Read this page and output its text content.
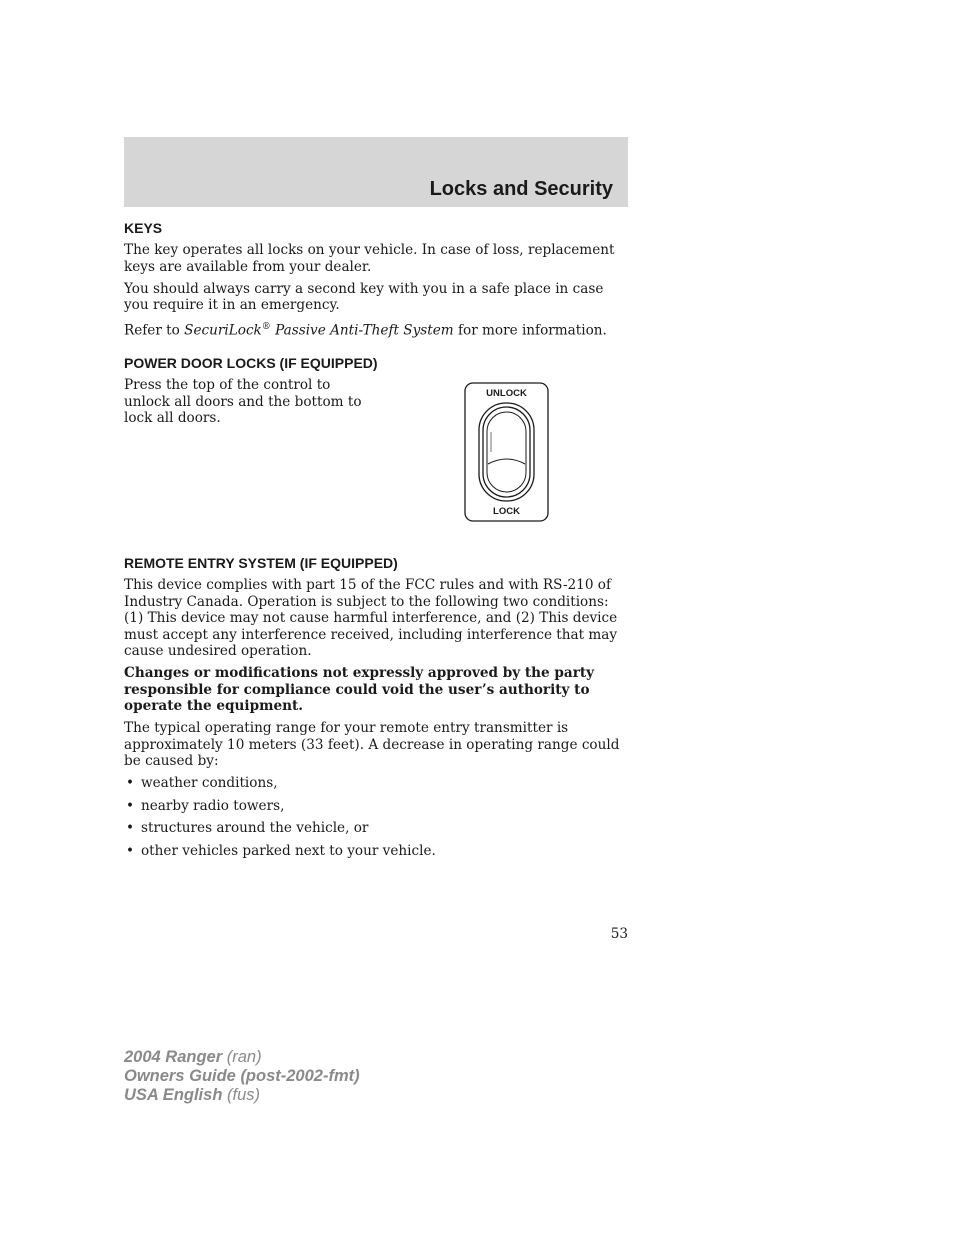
Locks and Security
KEYS

The key operates all locks on your vehicle. In case of loss, replacement keys are available from your dealer.

You should always carry a second key with you in a safe place in case you require it in an emergency.

Refer to SecuriLock® Passive Anti-Theft System for more information.

POWER DOOR LOCKS (IF EQUIPPED)

Press the top of the control to unlock all doors and the bottom to lock all doors.

UNLOCK
LOCK
REMOTE ENTRY SYSTEM (IF EQUIPPED)

This device complies with part 15 of the FCC rules and with RS-210 of Industry Canada. Operation is subject to the following two conditions: (1) This device may not cause harmful interference, and (2) This device must accept any interference received, including interference that may cause undesired operation.

Changes or modifications not expressly approved by the party responsible for compliance could void the user’s authority to operate the equipment.

The typical operating range for your remote entry transmitter is approximately 10 meters (33 feet). A decrease in operating range could be caused by:

• weather conditions,
• nearby radio towers,
• structures around the vehicle, or
• other vehicles parked next to your vehicle.
53
2004 Ranger (ran)
Owners Guide (post-2002-fmt)
USA English (fus)
